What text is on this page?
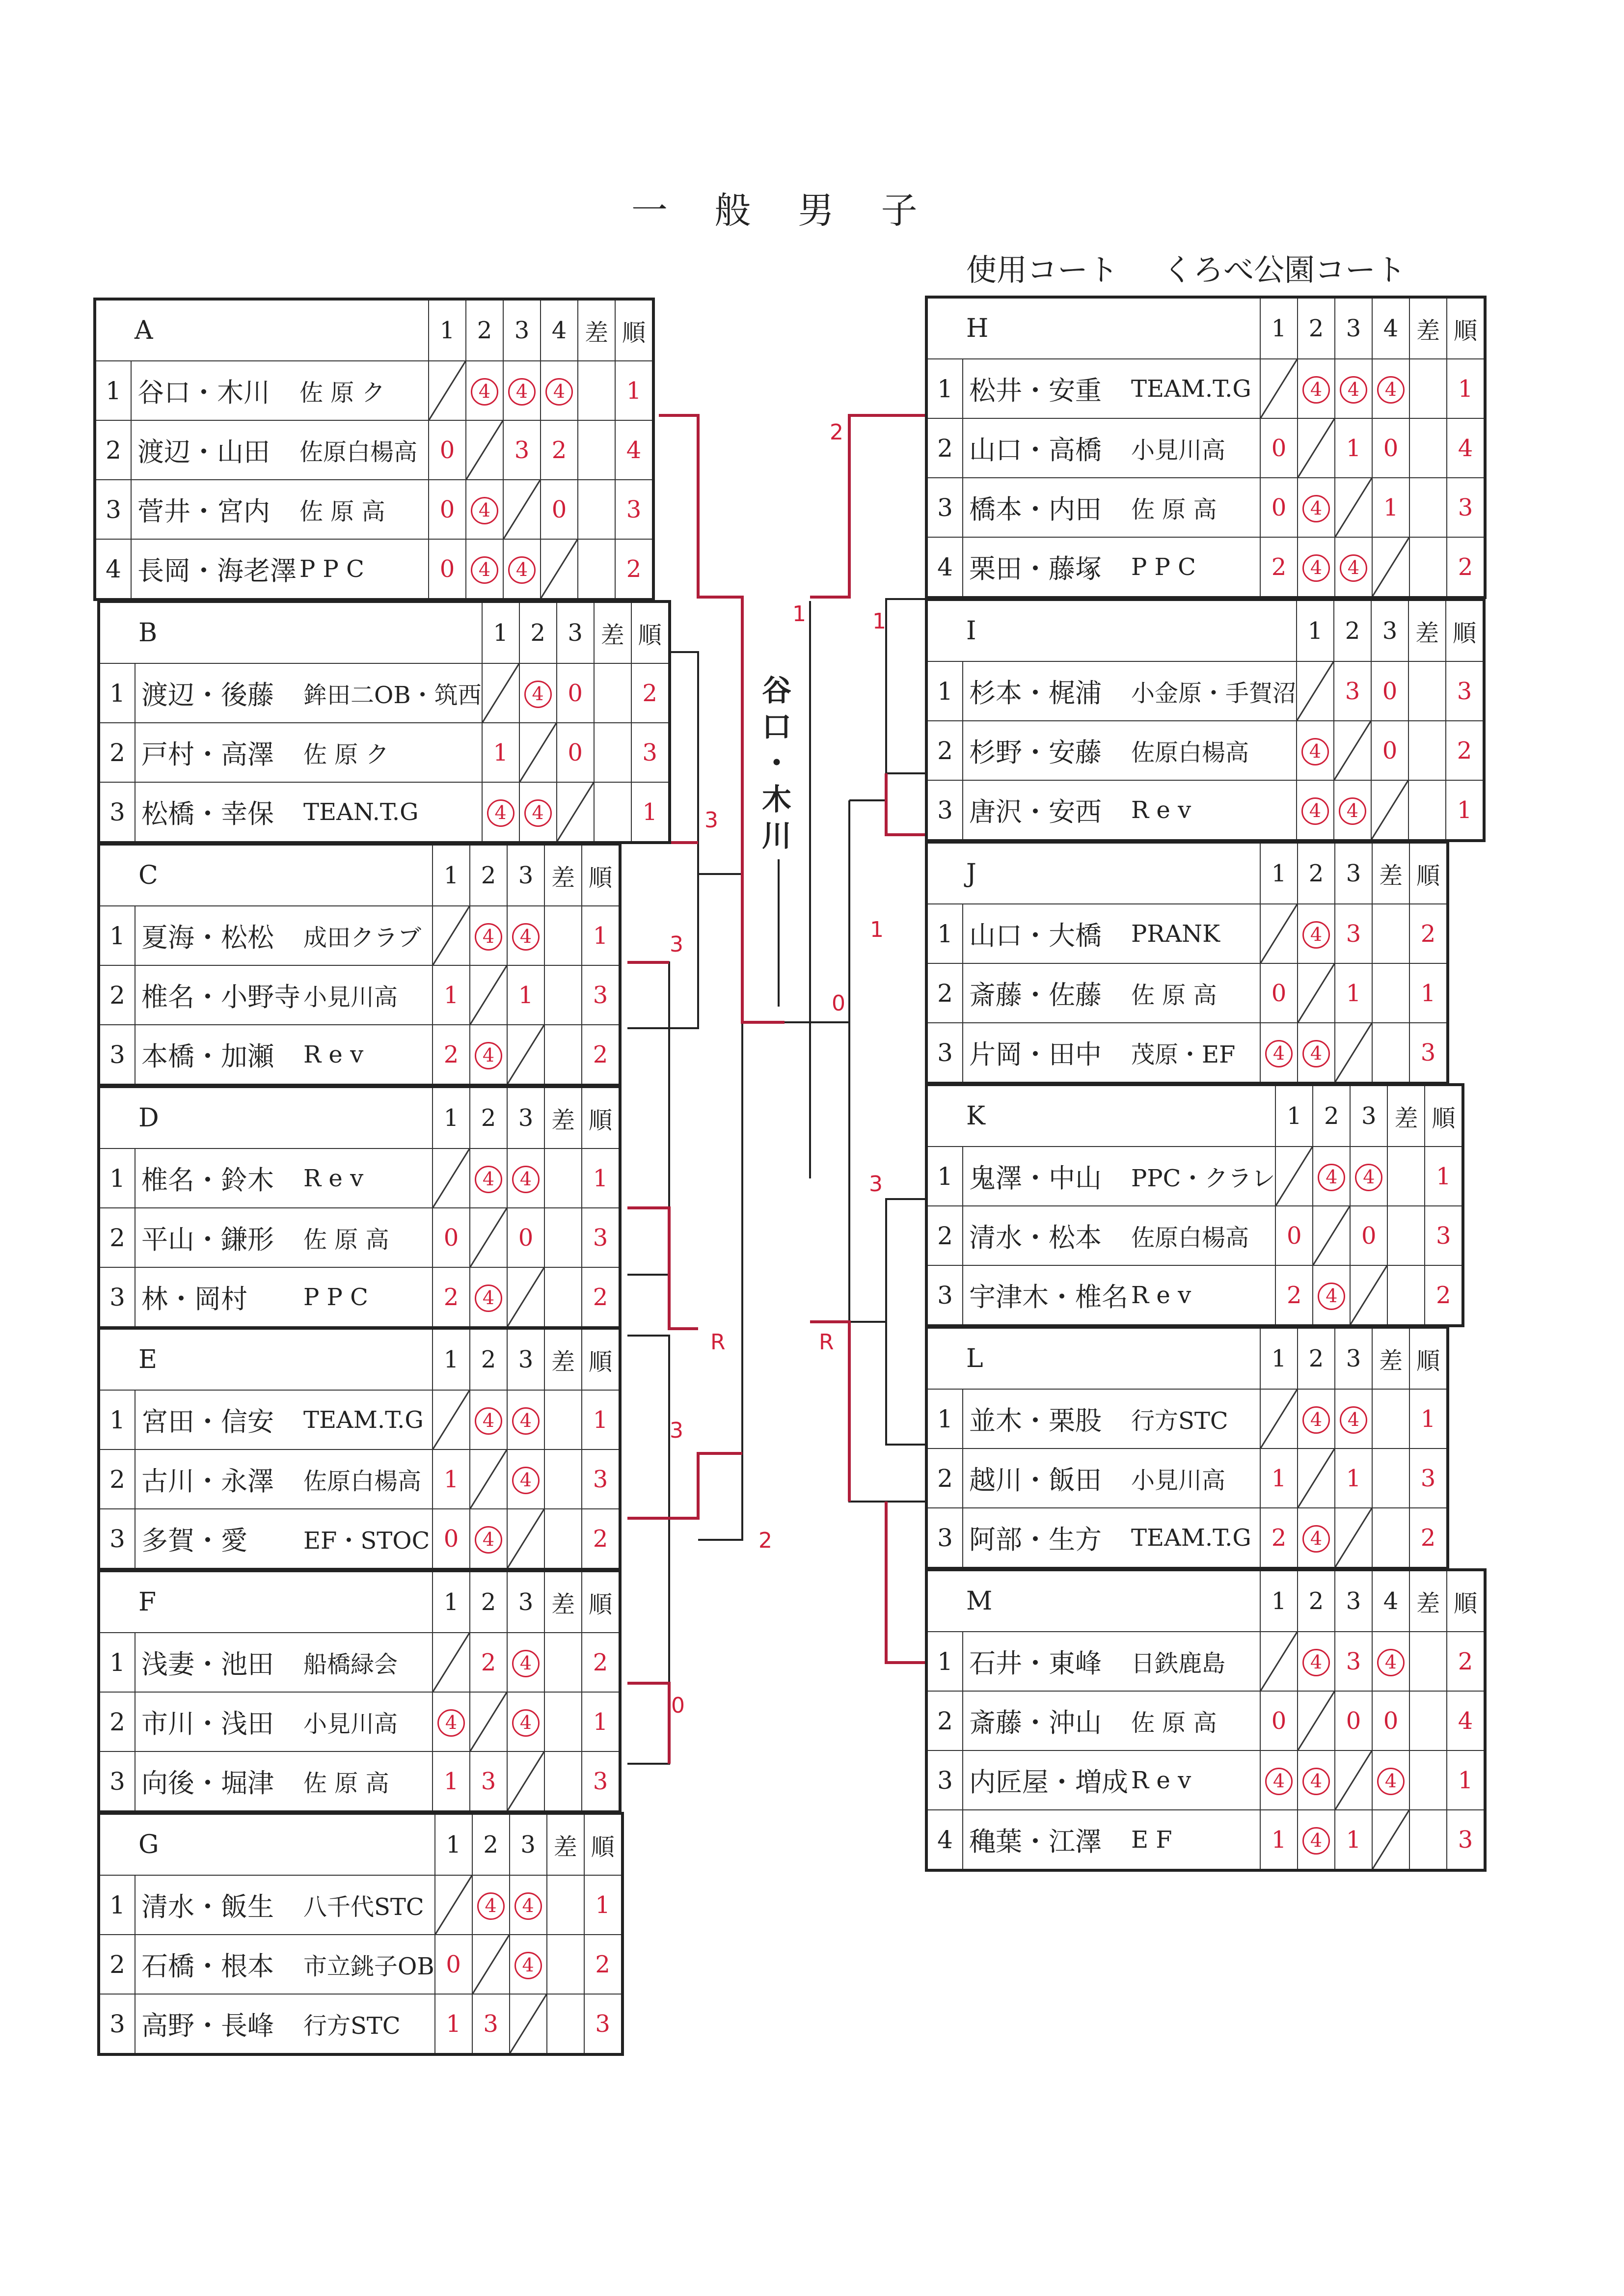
一 般 男 子
使用コート くろべ公園コート
谷
口
・
木
川
3
3
2
1
0
R
3
2
0
1
1
3
R
A			1	2	3	4	差	順
1	谷口・木川	佐 原 ク		4	4	4		1
2	渡辺・山田	佐原白楊高	0		3	2		4
3	菅井・宮内	佐 原 高	0	4		0		3
4	長岡・海老澤	P P C	0	4	4			2
B			1	2	3	差	順
1	渡辺・後藤	鉾田二OB・筑西		4	0		2
2	戸村・高澤	佐 原 ク	1		0		3
3	松橋・幸保	TEAN.T.G	4	4			1
C			1	2	3	差	順
1	夏海・松松	成田クラブ		4	4		1
2	椎名・小野寺	小見川高	1		1		3
3	本橋・加瀬	R e v	2	4			2
D			1	2	3	差	順
1	椎名・鈴木	R e v		4	4		1
2	平山・鎌形	佐 原 高	0		0		3
3	林・岡村	P P C	2	4			2
E			1	2	3	差	順
1	宮田・信安	TEAM.T.G		4	4		1
2	古川・永澤	佐原白楊高	1		4		3
3	多賀・愛	EF・STOC	0	4			2
F			1	2	3	差	順
1	浅妻・池田	船橋緑会		2	4		2
2	市川・浅田	小見川高	4		4		1
3	向後・堀津	佐 原 高	1	3			3
G			1	2	3	差	順
1	清水・飯生	八千代STC		4	4		1
2	石橋・根本	市立銚子OB	0		4		2
3	高野・長峰	行方STC	1	3			3
H			1	2	3	4	差	順
1	松井・安重	TEAM.T.G		4	4	4		1
2	山口・高橋	小見川高	0		1	0		4
3	橋本・内田	佐 原 高	0	4		1		3
4	栗田・藤塚	P P C	2	4	4			2
I			1	2	3	差	順
1	杉本・梶浦	小金原・手賀沼		3	0		3
2	杉野・安藤	佐原白楊高	4		0		2
3	唐沢・安西	R e v	4	4			1
J			1	2	3	差	順
1	山口・大橋	PRANK		4	3		2
2	斎藤・佐藤	佐 原 高	0		1		1
3	片岡・田中	茂原・EF	4	4			3
K			1	2	3	差	順
1	鬼澤・中山	PPC・クラレ		4	4		1
2	清水・松本	佐原白楊高	0		0		3
3	宇津木・椎名	R e v	2	4			2
L			1	2	3	差	順
1	並木・栗股	行方STC		4	4		1
2	越川・飯田	小見川高	1		1		3
3	阿部・生方	TEAM.T.G	2	4			2
M			1	2	3	4	差	順
1	石井・東峰	日鉄鹿島		4	3	4		2
2	斎藤・沖山	佐 原 高	0		0	0		4
3	内匠屋・増成	R e v	4	4		4		1
4	穐葉・江澤	E F	1	4	1			3
